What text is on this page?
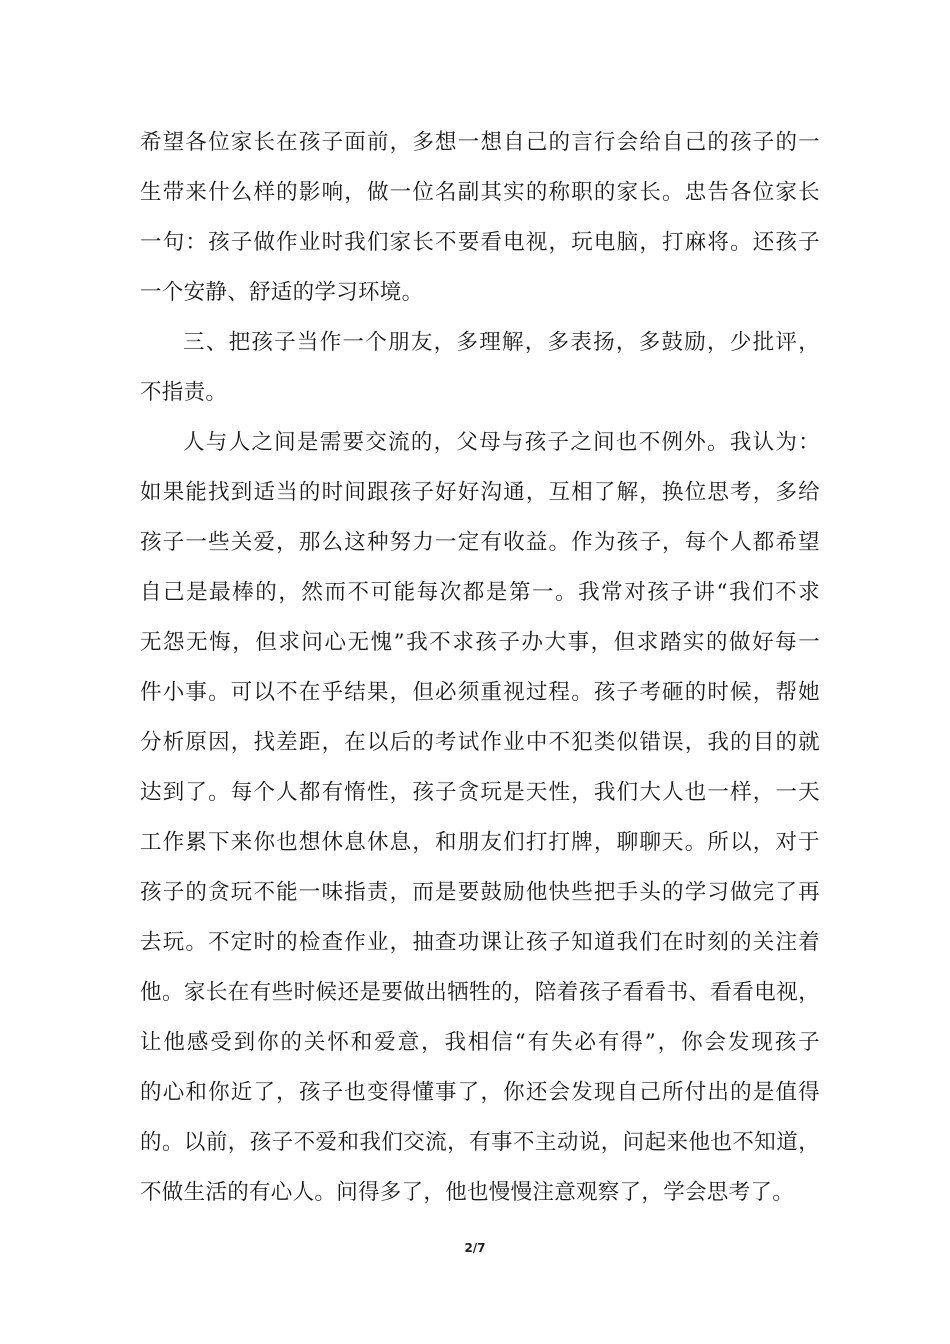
希望各位家长在孩子面前，多想一想自己的言行会给自己的孩子的一
生带来什么样的影响，做一位名副其实的称职的家长。忠告各位家长
一句：孩子做作业时我们家长不要看电视，玩电脑，打麻将。还孩子
一个安静、舒适的学习环境。
三、把孩子当作一个朋友，多理解，多表扬，多鼓励，少批评，
不指责。
人与人之间是需要交流的，父母与孩子之间也不例外。我认为：
如果能找到适当的时间跟孩子好好沟通，互相了解，换位思考，多给
孩子一些关爱，那么这种努力一定有收益。作为孩子，每个人都希望
自己是最棒的，然而不可能每次都是第一。我常对孩子讲“我们不求
无怨无悔，但求问心无愧”我不求孩子办大事，但求踏实的做好每一
件小事。可以不在乎结果，但必须重视过程。孩子考砸的时候，帮她
分析原因，找差距，在以后的考试作业中不犯类似错误，我的目的就
达到了。每个人都有惰性，孩子贪玩是天性，我们大人也一样，一天
工作累下来你也想休息休息，和朋友们打打牌，聊聊天。所以，对于
孩子的贪玩不能一味指责，而是要鼓励他快些把手头的学习做完了再
去玩。不定时的检查作业，抽查功课让孩子知道我们在时刻的关注着
他。家长在有些时候还是要做出牺牲的，陪着孩子看看书、看看电视，
让他感受到你的关怀和爱意，我相信“有失必有得”，你会发现孩子
的心和你近了，孩子也变得懂事了，你还会发现自己所付出的是值得
的。以前，孩子不爱和我们交流，有事不主动说，问起来他也不知道，
不做生活的有心人。问得多了，他也慢慢注意观察了，学会思考了。
2/7
